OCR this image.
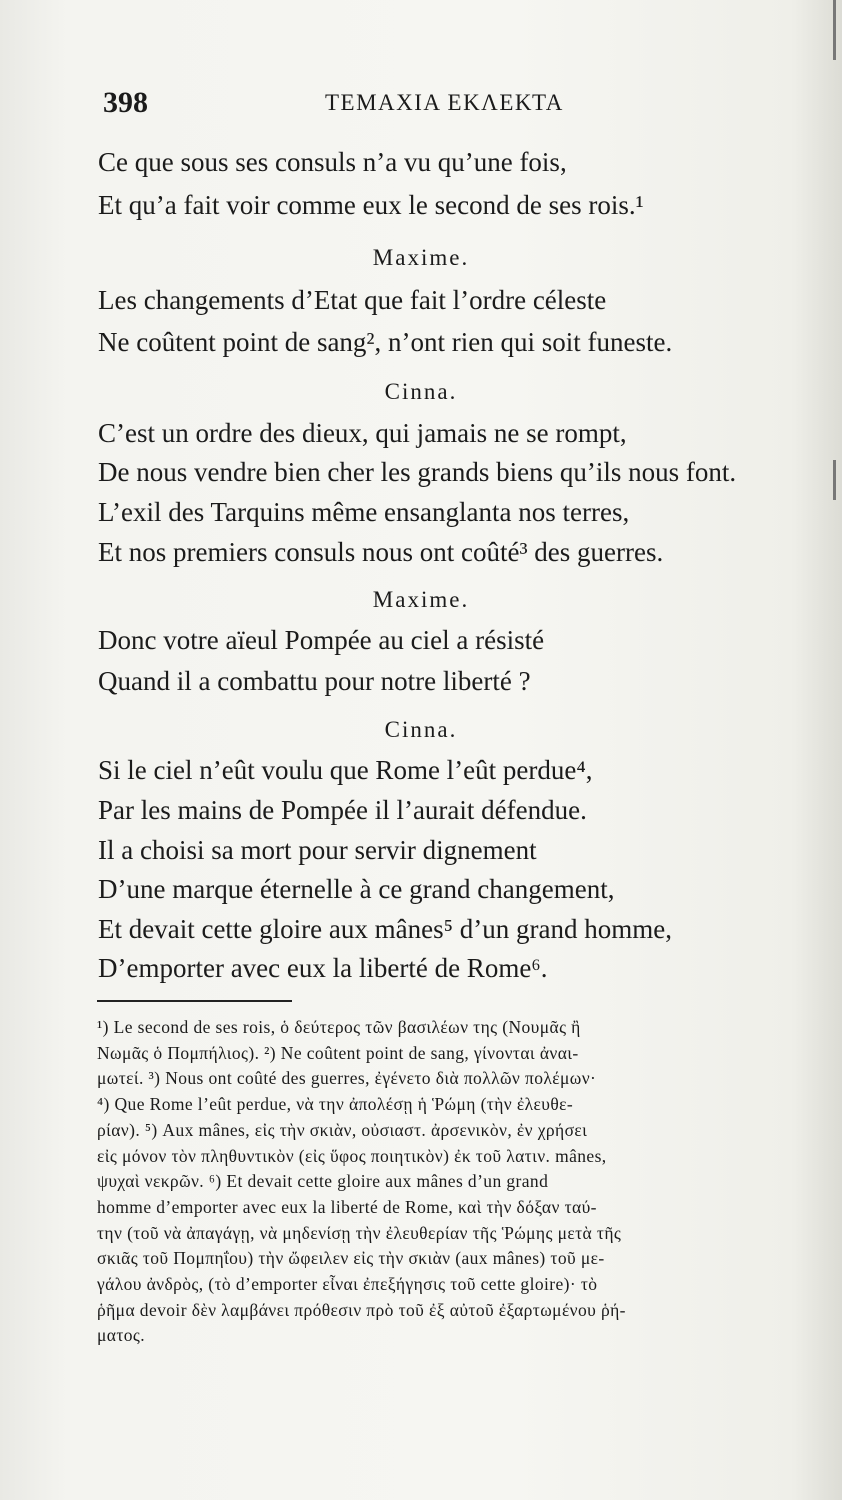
398	ΤΕΜΑΧΙΑ ΕΚΛΕΚΤΑ
Ce que sous ses consuls n’a vu qu’une fois,
Et qu’a fait voir comme eux le second de ses rois.¹
Maxime.
Les changements d’Etat que fait l’ordre céleste
Ne coûtent point de sang², n’ont rien qui soit funeste.
Cinna.
C’est un ordre des dieux, qui jamais ne se rompt,
De nous vendre bien cher les grands biens qu’ils nous font.
L’exil des Tarquins même ensanglanta nos terres,
Et nos premiers consuls nous ont coûté³ des guerres.
Maxime.
Donc votre aïeul Pompée au ciel a résisté
Quand il a combattu pour notre liberté ?
Cinna.
Si le ciel n’eût voulu que Rome l’eût perdue⁴,
Par les mains de Pompée il l’aurait défendue.
Il a choisi sa mort pour servir dignement
D’une marque éternelle à ce grand changement,
Et devait cette gloire aux mânes⁵ d’un grand homme,
D’emporter avec eux la liberté de Rome⁶.
¹) Le second de ses rois, ὁ δεύτερος τῶν βασιλέων της (Νουμᾶς ἢ
Νωμᾶς ὁ Πομπήλιος). ²) Ne coûtent point de sang, γίνονται ἀναι-
μωτεί. ³) Nous ont coûté des guerres, ἐγένετο διὰ πολλῶν πολέμων·
⁴) Que Rome l’eût perdue, νὰ την ἀπολέσῃ ἡ Ῥώμη (τὴν ἐλευθε-
ρίαν). ⁵) Aux mânes, εἰς τὴν σκιὰν, οὐσιαστ. ἀρσενικὸν, ἐν χρήσει
εἰς μόνον τὸν πληθυντικὸν (εἰς ὕφος ποιητικὸν) ἐκ τοῦ λατιν. mânes,
ψυχαὶ νεκρῶν. ⁶) Et devait cette gloire aux mânes d’un grand
homme d’emporter avec eux la liberté de Rome, καὶ τὴν δόξαν ταύ-
την (τοῦ νὰ ἀπαγάγῃ, νὰ μηδενίσῃ τὴν ἐλευθερίαν τῆς Ῥώμης μετὰ τῆς
σκιᾶς τοῦ Πομπηΐου) τὴν ὤφειλεν εἰς τὴν σκιὰν (aux mânes) τοῦ με-
γάλου ἀνδρὸς, (τὸ d’emporter εἶναι ἐπεξήγησις τοῦ cette gloire)· τὸ
ῥῆμα devoir δὲν λαμβάνει πρόθεσιν πρὸ τοῦ ἐξ αὐτοῦ ἐξαρτωμένου ῥή-
ματος.
